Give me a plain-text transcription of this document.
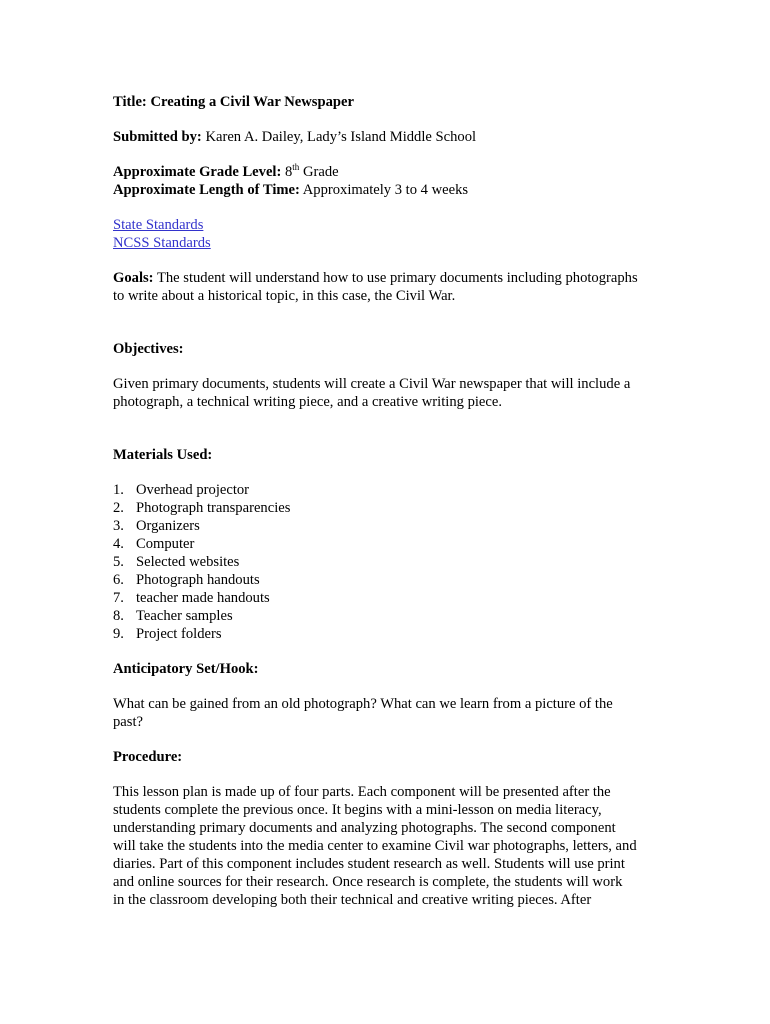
Title: Creating a Civil War Newspaper
Submitted by: Karen A. Dailey, Lady’s Island Middle School
Approximate Grade Level: 8th Grade
Approximate Length of Time: Approximately 3 to 4 weeks
State Standards
NCSS Standards
Goals: The student will understand how to use primary documents including photographs
to write about a historical topic, in this case, the Civil War.
Objectives:
Given primary documents, students will create a Civil War newspaper that will include a
photograph, a technical writing piece, and a creative writing piece.
Materials Used:
1. Overhead projector
2. Photograph transparencies
3. Organizers
4. Computer
5. Selected websites
6. Photograph handouts
7. teacher made handouts
8. Teacher samples
9. Project folders
Anticipatory Set/Hook:
What can be gained from an old photograph? What can we learn from a picture of the
past?
Procedure:
This lesson plan is made up of four parts. Each component will be presented after the
students complete the previous once. It begins with a mini-lesson on media literacy,
understanding primary documents and analyzing photographs. The second component
will take the students into the media center to examine Civil war photographs, letters, and
diaries. Part of this component includes student research as well. Students will use print
and online sources for their research. Once research is complete, the students will work
in the classroom developing both their technical and creative writing pieces. After
